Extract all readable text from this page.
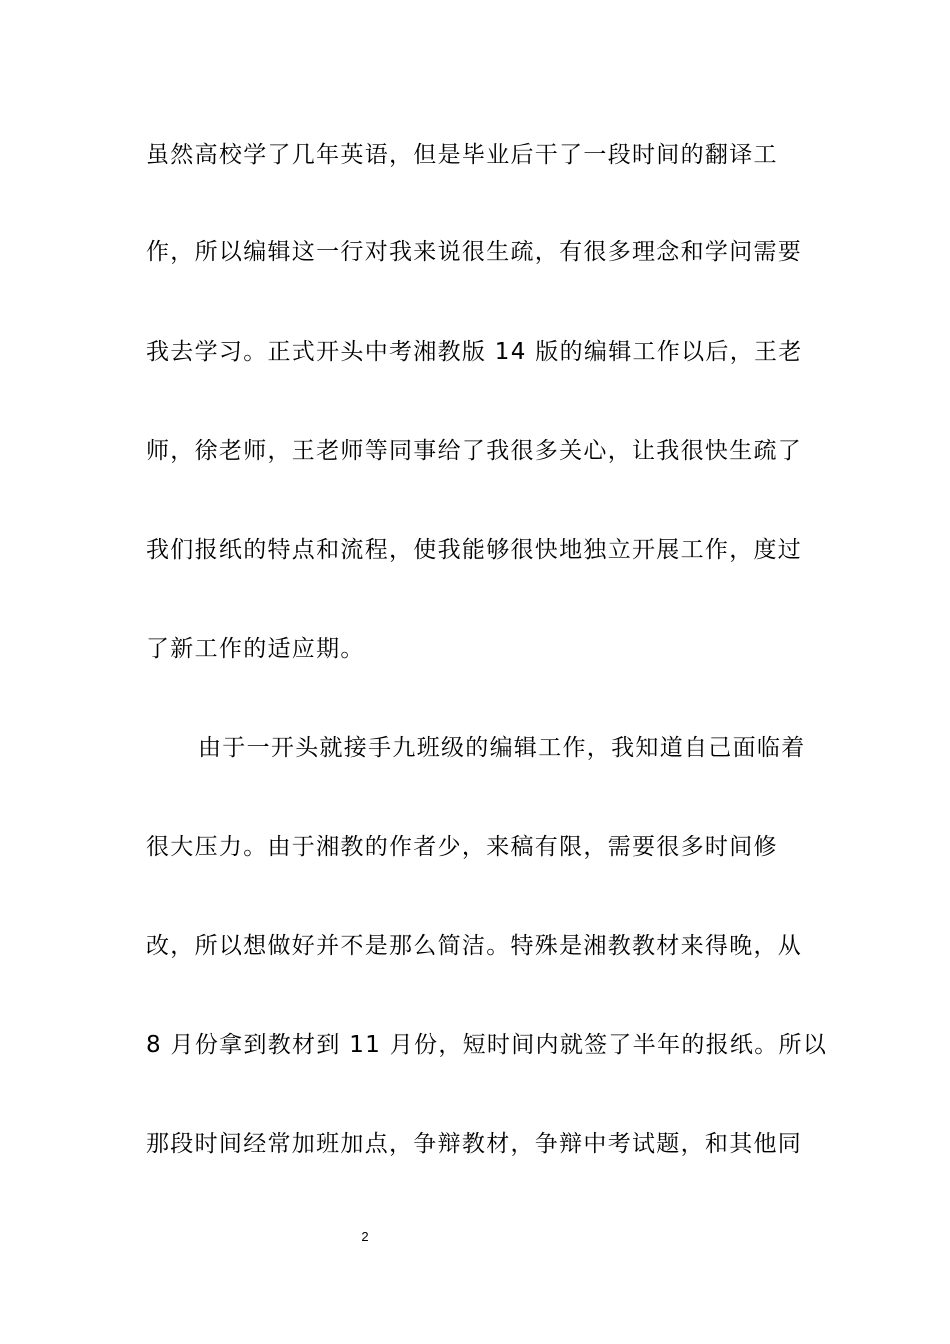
虽然高校学了几年英语，但是毕业后干了一段时间的翻译工
作，所以编辑这一行对我来说很生疏，有很多理念和学问需要
我去学习。正式开头中考湘教版 14 版的编辑工作以后，王老
师，徐老师，王老师等同事给了我很多关心，让我很快生疏了
我们报纸的特点和流程，使我能够很快地独立开展工作，度过
了新工作的适应期。
由于一开头就接手九班级的编辑工作，我知道自己面临着
很大压力。由于湘教的作者少，来稿有限，需要很多时间修
改，所以想做好并不是那么简洁。特殊是湘教教材来得晚，从
8 月份拿到教材到 11 月份，短时间内就签了半年的报纸。所以
那段时间经常加班加点，争辩教材，争辩中考试题，和其他同
2
